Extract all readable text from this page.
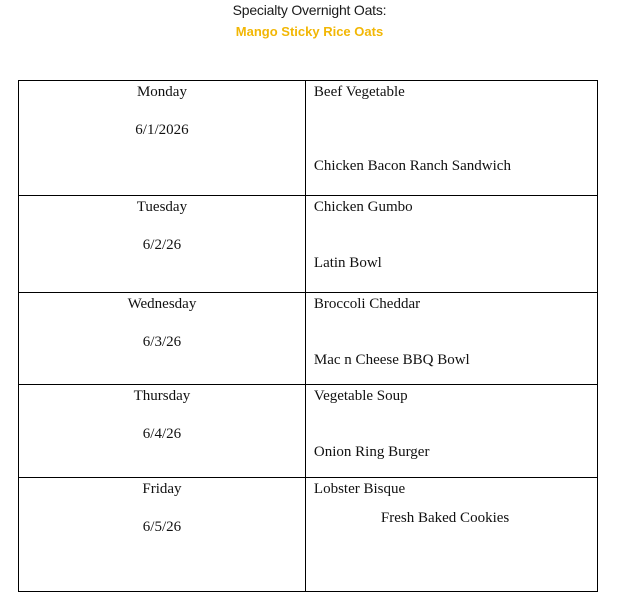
Specialty Overnight Oats:
Mango Sticky Rice Oats
Monday
6/1/2026	Beef Vegetable
Chicken Bacon Ranch Sandwich

Tuesday
6/2/26	Chicken Gumbo
Latin Bowl

Wednesday
6/3/26	Broccoli Cheddar
Mac n Cheese BBQ Bowl

Thursday
6/4/26	Vegetable Soup
Onion Ring Burger

Friday
6/5/26	Lobster Bisque
Fresh Baked Cookies
